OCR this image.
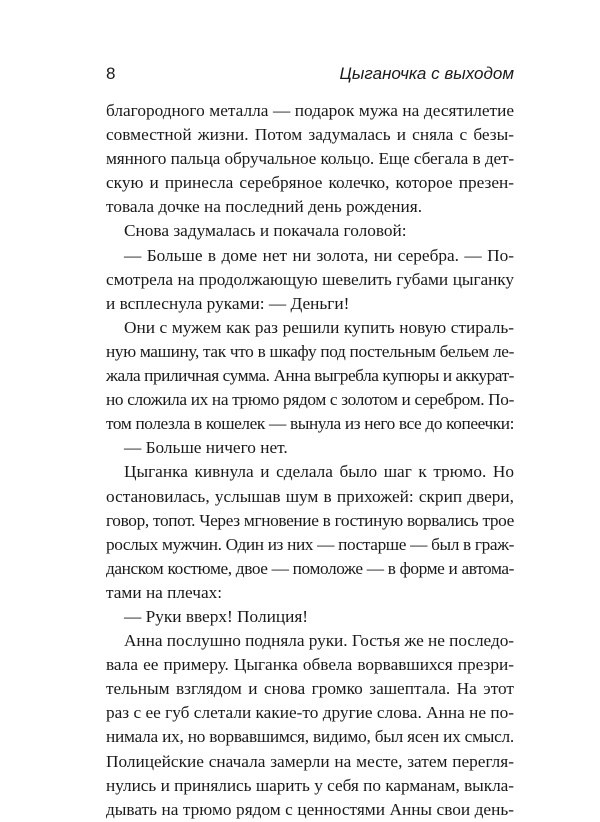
8	Цыганочка с выходом
благородного металла — подарок мужа на десятилетие
совместной жизни. Потом задумалась и сняла с безы-
мянного пальца обручальное кольцо. Еще сбегала в дет-
скую и принесла серебряное колечко, которое презен-
товала дочке на последний день рождения.
Снова задумалась и покачала головой:
— Больше в доме нет ни золота, ни серебра. — По-
смотрела на продолжающую шевелить губами цыганку
и всплеснула руками: — Деньги!
Они с мужем как раз решили купить новую стираль-
ную машину, так что в шкафу под постельным бельем ле-
жала приличная сумма. Анна выгребла купюры и аккурат-
но сложила их на трюмо рядом с золотом и серебром. По-
том полезла в кошелек — вынула из него все до копеечки:
— Больше ничего нет.
Цыганка кивнула и сделала было шаг к трюмо. Но
остановилась, услышав шум в прихожей: скрип двери,
говор, топот. Через мгновение в гостиную ворвались трое
рослых мужчин. Один из них — постарше — был в граж-
данском костюме, двое — помоложе — в форме и автома-
тами на плечах:
— Руки вверх! Полиция!
Анна послушно подняла руки. Гостья же не последо-
вала ее примеру. Цыганка обвела ворвавшихся презри-
тельным взглядом и снова громко зашептала. На этот
раз с ее губ слетали какие-то другие слова. Анна не по-
нимала их, но ворвавшимся, видимо, был ясен их смысл.
Полицейские сначала замерли на месте, затем перегля-
нулись и принялись шарить у себя по карманам, выкла-
дывать на трюмо рядом с ценностями Анны свои день-
